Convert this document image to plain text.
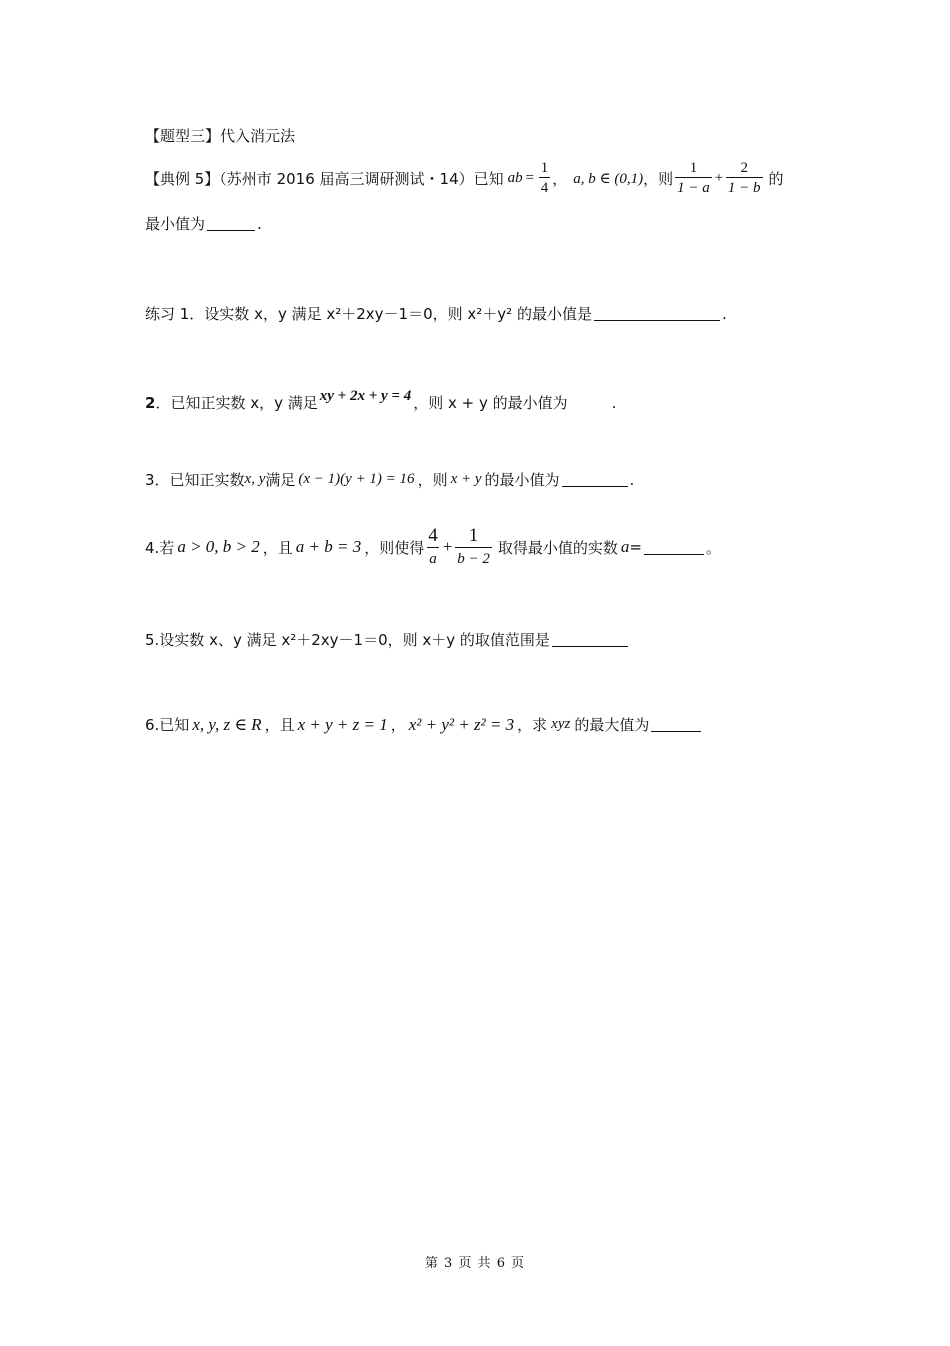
【题型三】代入消元法
【典例 5】（苏州市 2016 届高三调研测试・14）已知 ab = $\frac{1}{4}$ ， a, b ∈ (0,1) ，则 $\frac{1}{1 - a} + \frac{2}{1 - b}$ 的
最小值为	.
练习 1．设实数 x，y 满足 x²＋2xy－1＝0，则 x²＋y² 的最小值是	.
2 ．已知正实数 x，y 满足 xy + 2x + y = 4 ，则 x + y 的最小值为	.
3．已知正实数 x, y 满足 (x − 1)(y + 1) = 16 ，则 x + y 的最小值为	.
4.若 a > 0, b > 2 ，且 a + b = 3 ，则使得 $\frac{4}{a} + \frac{1}{b - 2}$ 取得最小值的实数 a =	。
5.设实数 x、y 满足 x²＋2xy－1＝0，则 x＋y 的取值范围是
6.已知 x, y, z ∈ R ，且 x + y + z = 1 ， x² + y² + z² = 3 ，求 xyz 的最大值为
第 3 页 共 6 页
